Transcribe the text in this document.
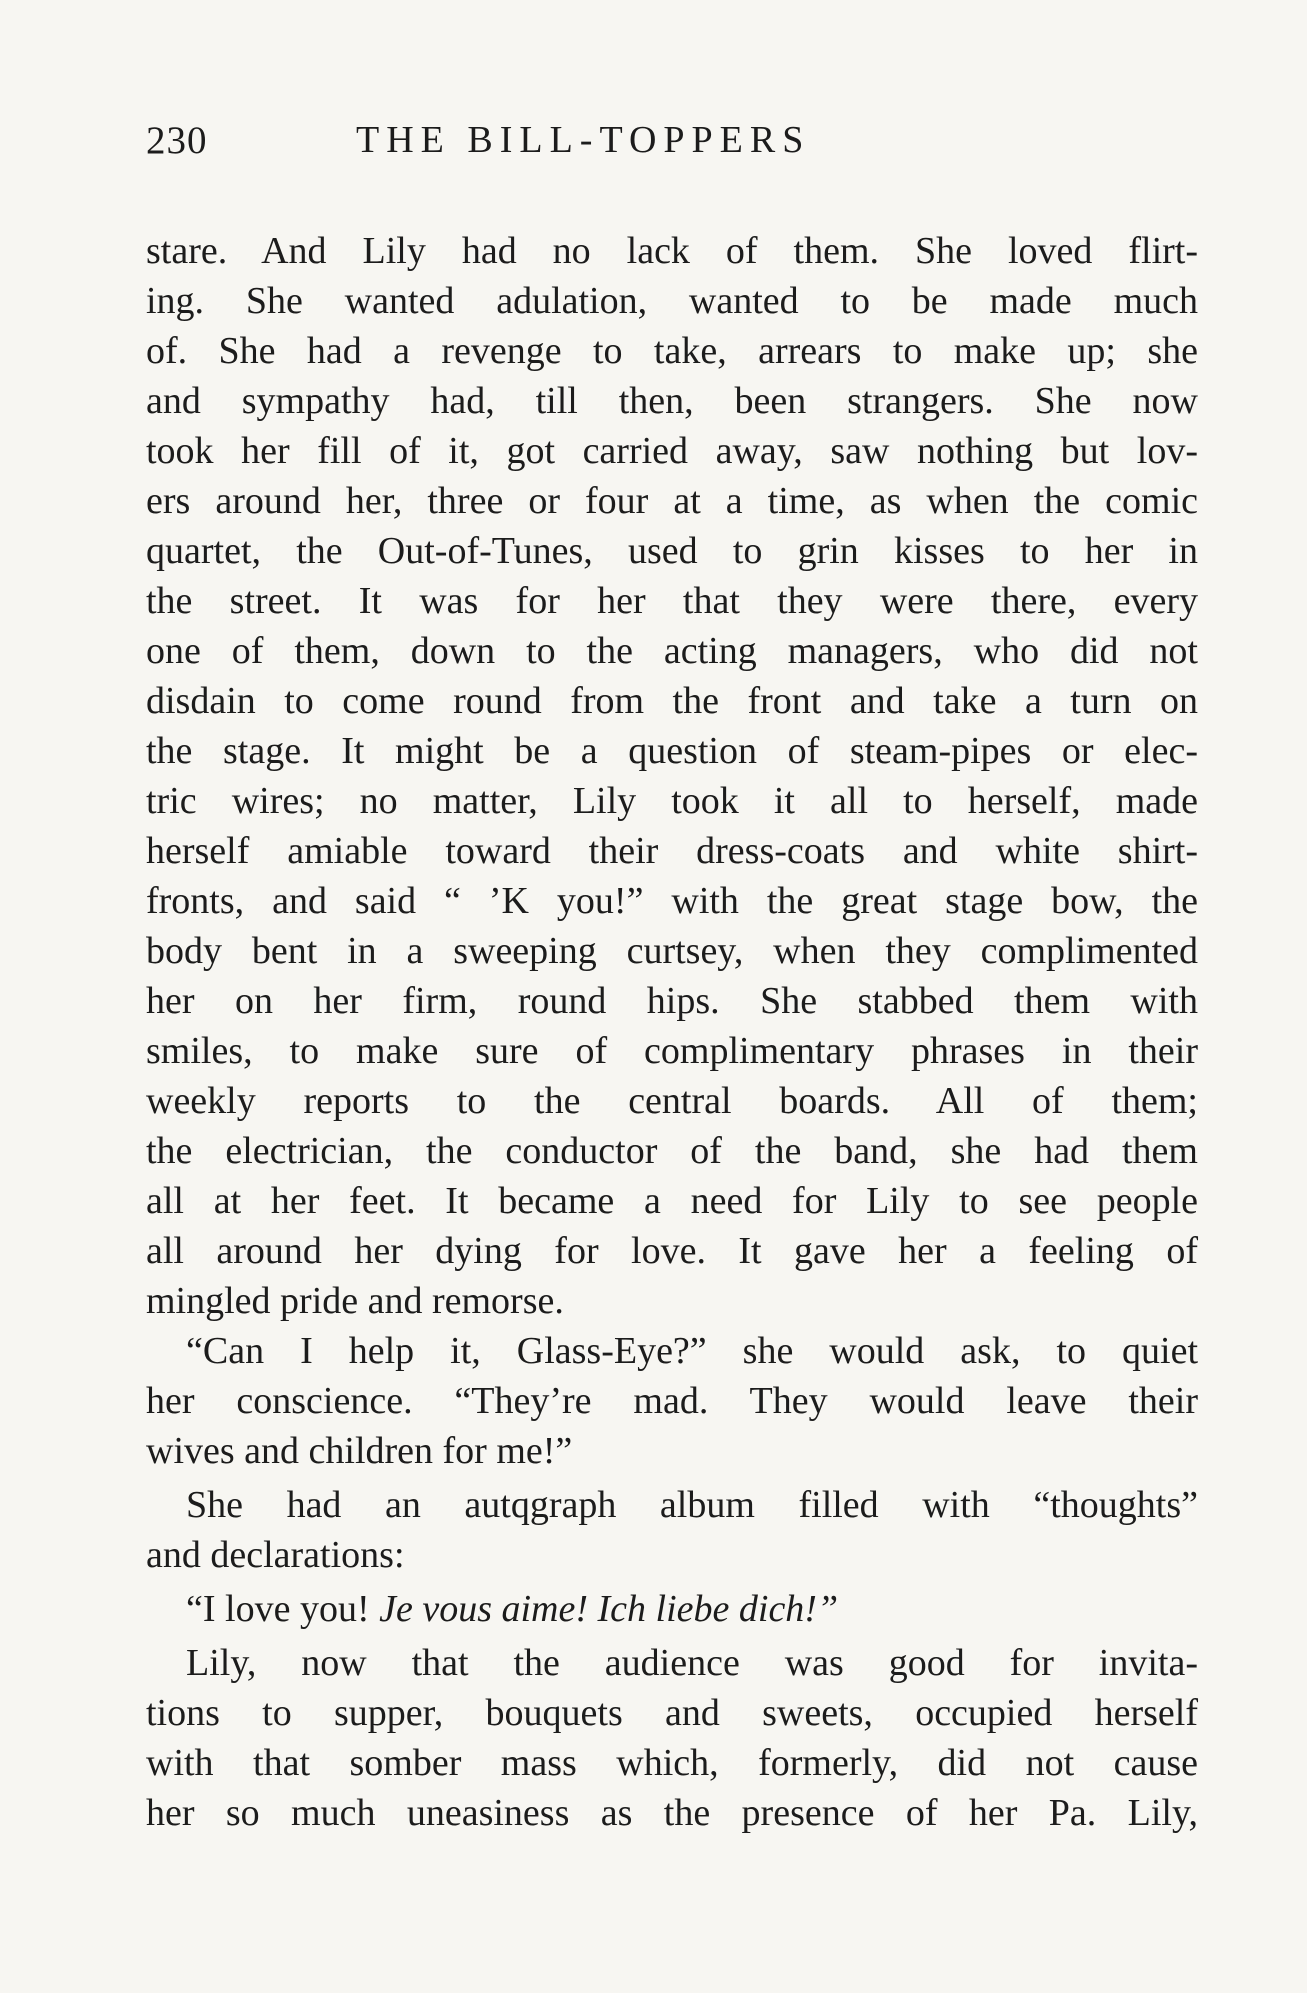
230	THE BILL-TOPPERS
stare. And Lily had no lack of them. She loved flirt-
ing. She wanted adulation, wanted to be made much
of. She had a revenge to take, arrears to make up; she
and sympathy had, till then, been strangers. She now
took her fill of it, got carried away, saw nothing but lov-
ers around her, three or four at a time, as when the comic
quartet, the Out-of-Tunes, used to grin kisses to her in
the street. It was for her that they were there, every
one of them, down to the acting managers, who did not
disdain to come round from the front and take a turn on
the stage. It might be a question of steam-pipes or elec-
tric wires; no matter, Lily took it all to herself, made
herself amiable toward their dress-coats and white shirt-
fronts, and said “ ’K you!” with the great stage bow, the
body bent in a sweeping curtsey, when they complimented
her on her firm, round hips. She stabbed them with
smiles, to make sure of complimentary phrases in their
weekly reports to the central boards. All of them;
the electrician, the conductor of the band, she had them
all at her feet. It became a need for Lily to see people
all around her dying for love. It gave her a feeling of
mingled pride and remorse.
“Can I help it, Glass-Eye?” she would ask, to quiet
her conscience. “They’re mad. They would leave their
wives and children for me!”
She had an autqgraph album filled with “thoughts”
and declarations:
“I love you! Je vous aime! Ich liebe dich!”
Lily, now that the audience was good for invita-
tions to supper, bouquets and sweets, occupied herself
with that somber mass which, formerly, did not cause
her so much uneasiness as the presence of her Pa. Lily,
